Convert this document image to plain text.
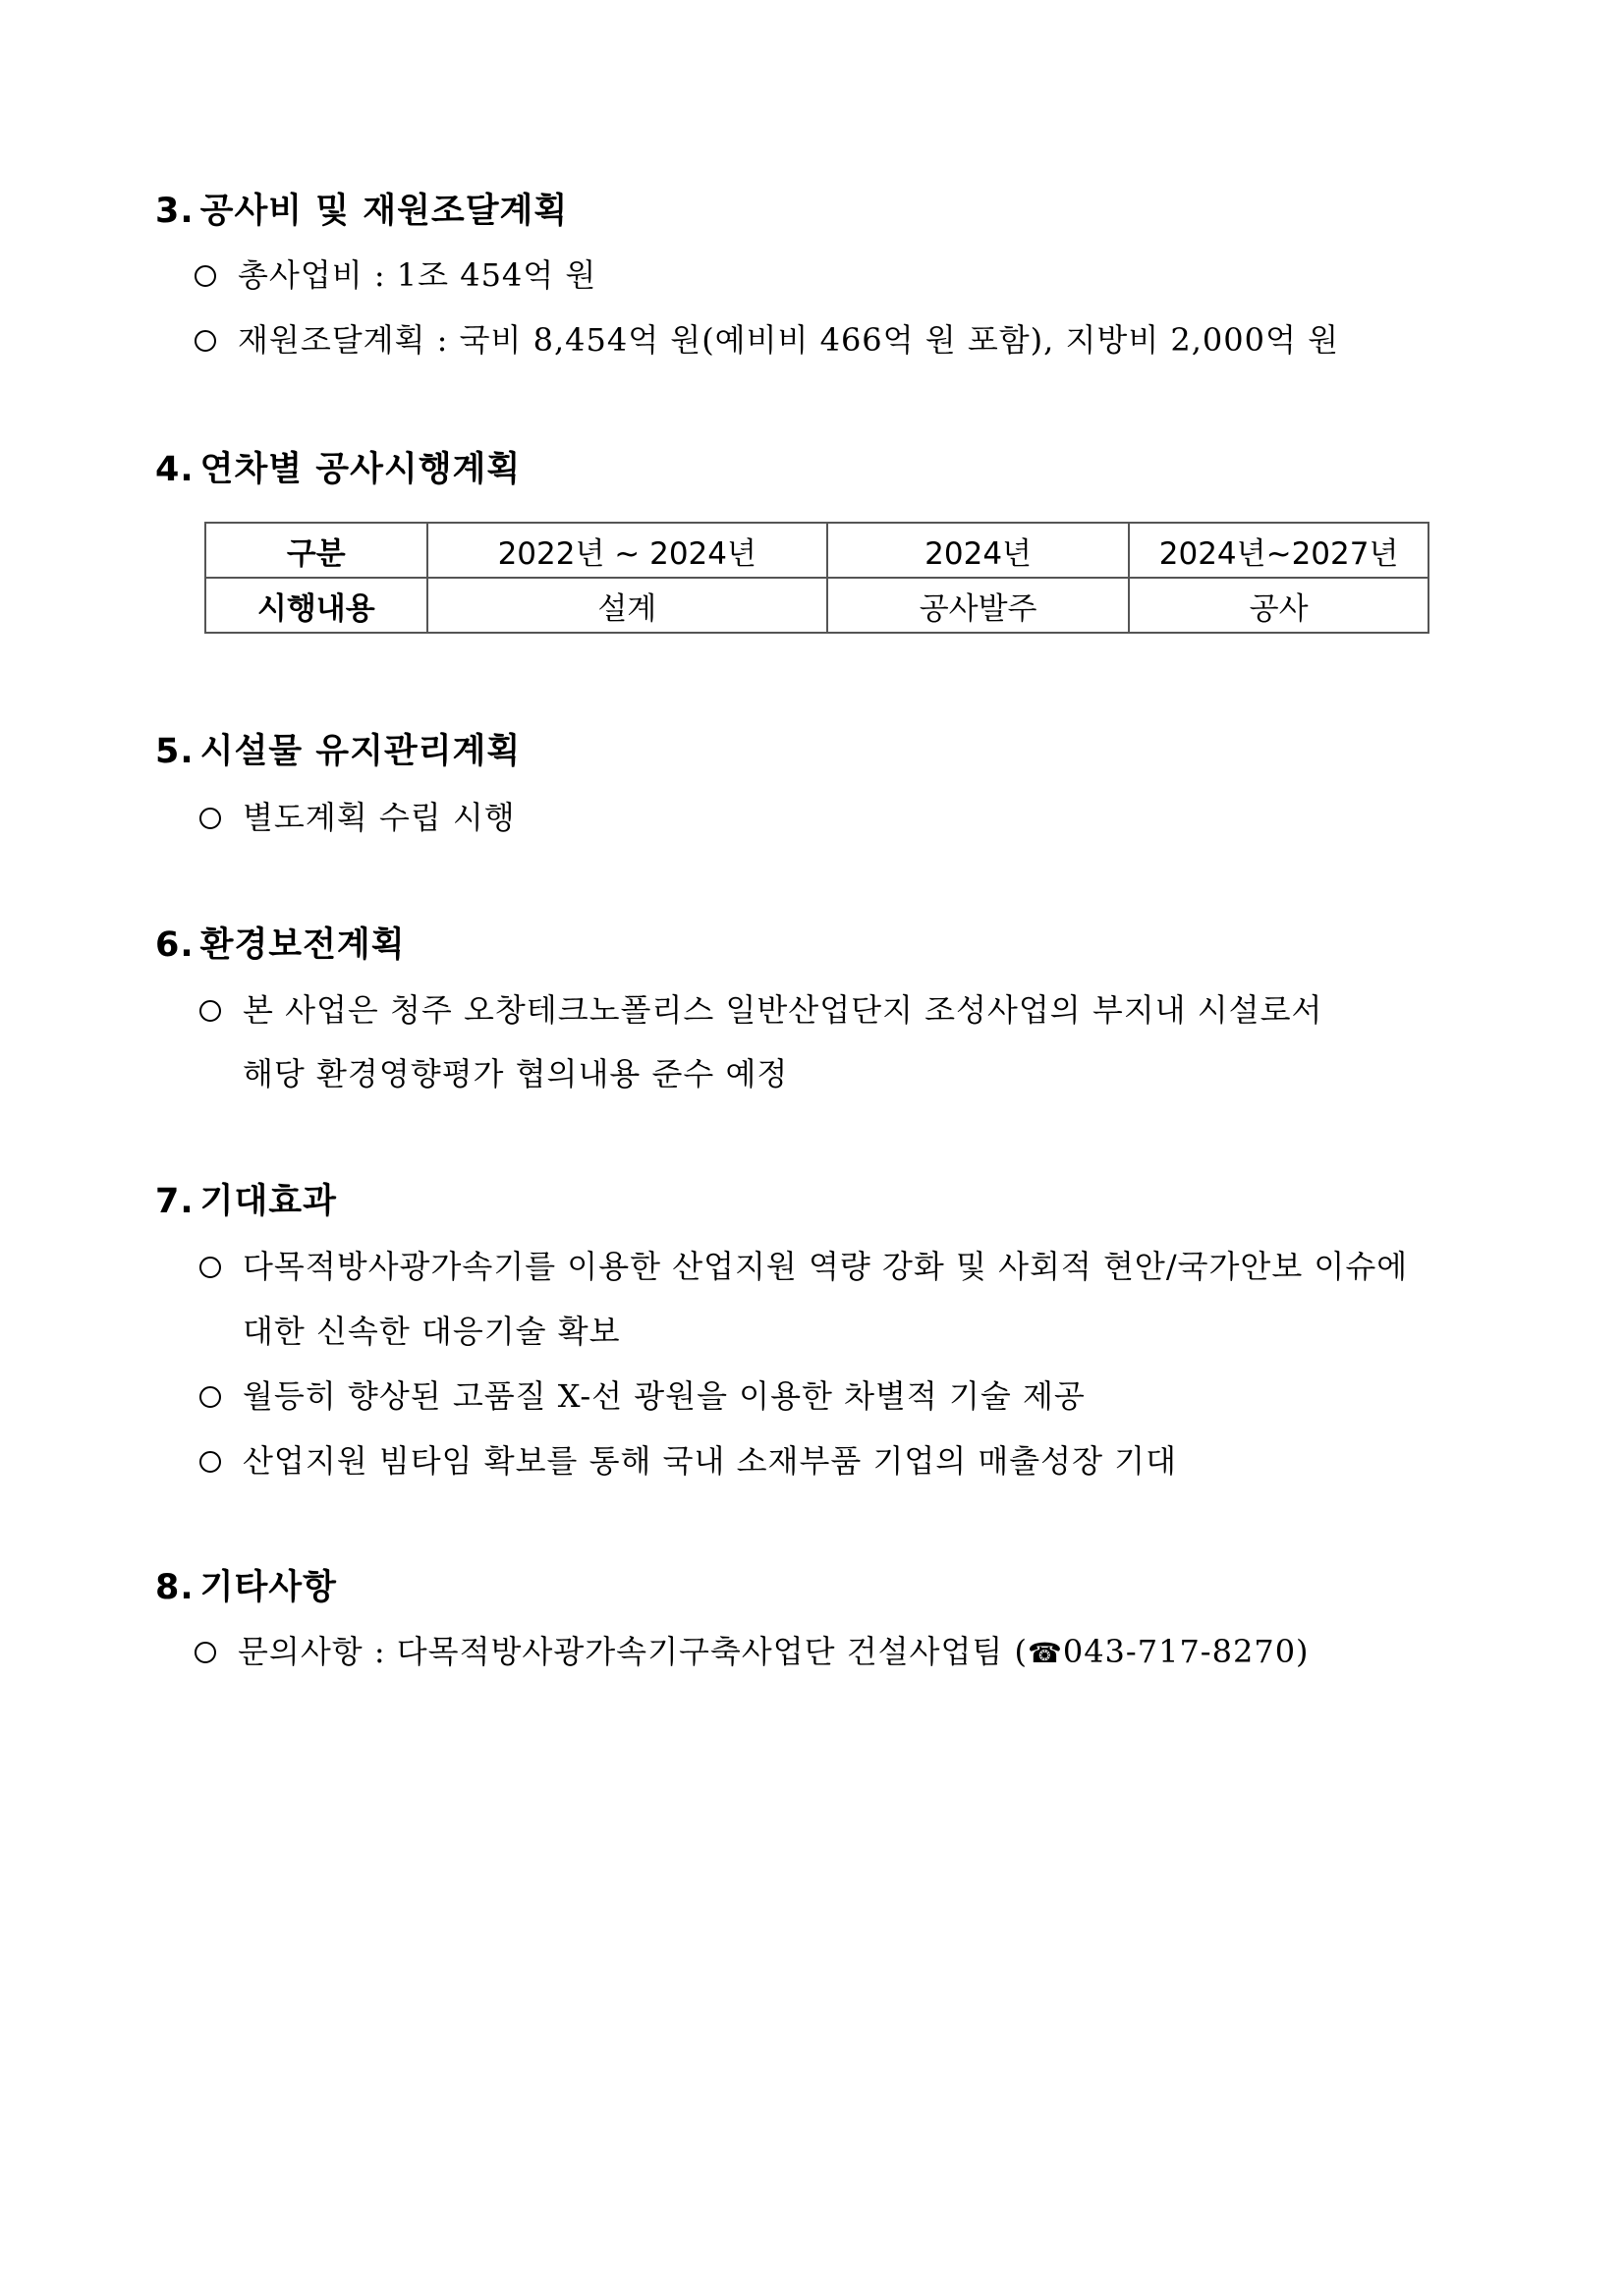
3. 공사비 및 재원조달계획
총사업비 : 1조 454억 원
재원조달계획 : 국비 8,454억 원(예비비 466억 원 포함), 지방비 2,000억 원
4. 연차별 공사시행계획
구분	2022년 ~ 2024년	2024년	2024년~2027년
시행내용	설계	공사발주	공사
5. 시설물 유지관리계획
별도계획 수립 시행
6. 환경보전계획
본 사업은 청주 오창테크노폴리스 일반산업단지 조성사업의 부지내 시설로서
해당 환경영향평가 협의내용 준수 예정
7. 기대효과
다목적방사광가속기를 이용한 산업지원 역량 강화 및 사회적 현안/국가안보 이슈에
대한 신속한 대응기술 확보
월등히 향상된 고품질 X-선 광원을 이용한 차별적 기술 제공
산업지원 빔타임 확보를 통해 국내 소재부품 기업의 매출성장 기대
8. 기타사항
문의사항 : 다목적방사광가속기구축사업단 건설사업팀 (☎043-717-8270)
